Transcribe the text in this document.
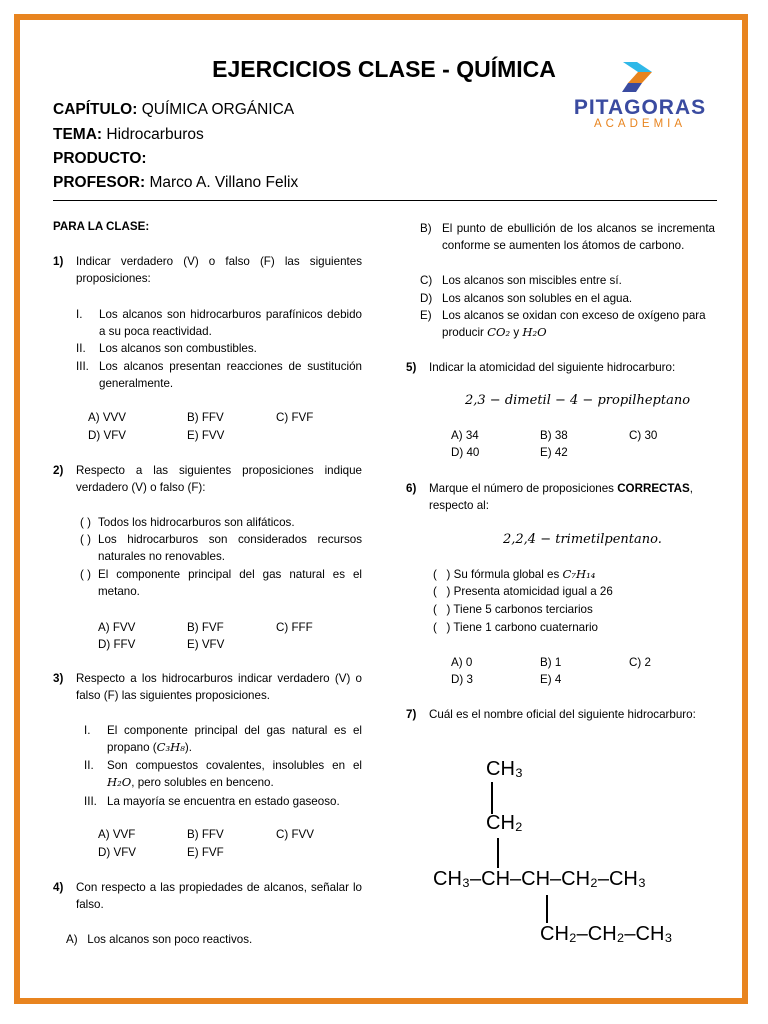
EJERCICIOS CLASE - QUÍMICA
CAPÍTULO: QUÍMICA ORGÁNICA
TEMA: Hidrocarburos
PRODUCTO:
PROFESOR: Marco A. Villano Felix
PITAGORAS
ACADEMIA
PARA LA CLASE:
1) Indicar verdadero (V) o falso (F) las siguientes proposiciones:
I. Los alcanos son hidrocarburos parafínicos debido a su poca reactividad.
II. Los alcanos son combustibles.
III. Los alcanos presentan reacciones de sustitución generalmente.
A) VVV	B) FFV	C) FVF
D) VFV	E) FVV
2) Respecto a las siguientes proposiciones indique verdadero (V) o falso (F):
( ) Todos los hidrocarburos son alifáticos.
( ) Los hidrocarburos son considerados recursos naturales no renovables.
( ) El componente principal del gas natural es el metano.
A) FVV	B) FVF	C) FFF
D) FFV	E) VFV
3) Respecto a los hidrocarburos indicar verdadero (V) o falso (F) las siguientes proposiciones.
I. El componente principal del gas natural es el propano (C₃H₈).
II. Son compuestos covalentes, insolubles en el H₂O, pero solubles en benceno.
III. La mayoría se encuentra en estado gaseoso.
A) VVF	B) FFV	C) FVV
D) VFV	E) FVF
4) Con respecto a las propiedades de alcanos, señalar lo falso.
A)   Los alcanos son poco reactivos.
B) El punto de ebullición de los alcanos se incrementa conforme se aumenten los átomos de carbono.
C) Los alcanos son miscibles entre sí.
D) Los alcanos son solubles en el agua.
E) Los alcanos se oxidan con exceso de oxígeno para
producir CO₂ y H₂O
5) Indicar la atomicidad del siguiente hidrocarburo:
2,3 − dimetil − 4 − propilheptano
A) 34	B) 38	C) 30
D) 40	E) 42
6) Marque el número de proposiciones CORRECTAS,
respecto al:
2,2,4 − trimetilpentano.
(   ) Su fórmula global es C₇H₁₄
(   ) Presenta atomicidad igual a 26
(   ) Tiene 5 carbonos terciarios
(   ) Tiene 1 carbono cuaternario
A) 0	B) 1	C) 2
D) 3	E) 4
7) Cuál es el nombre oficial del siguiente hidrocarburo:
CH₃
CH₂
CH₃–CH–CH–CH₂–CH₃
CH₂–CH₂–CH₃
